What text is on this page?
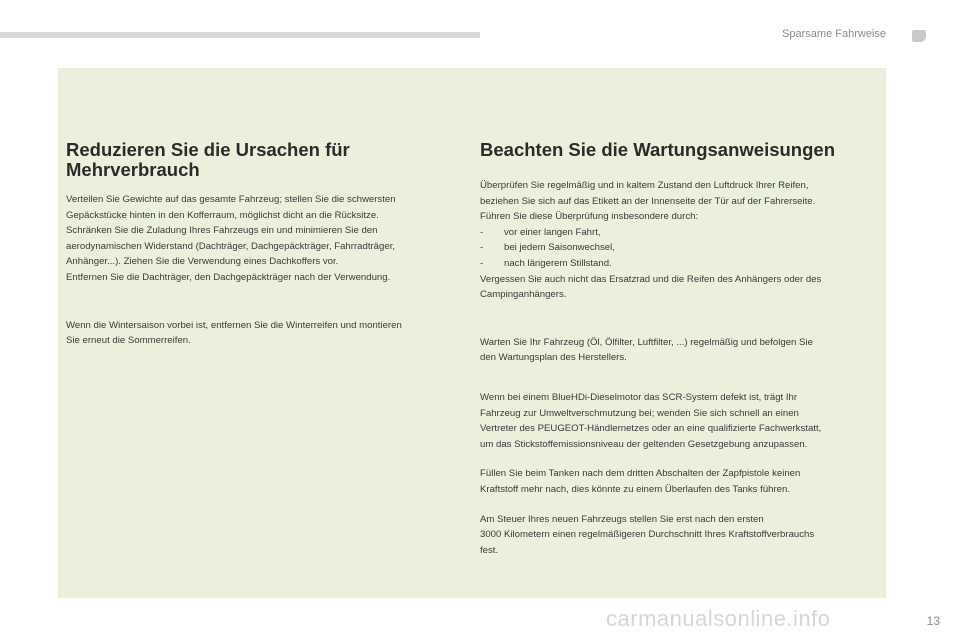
Sparsame Fahrweise
Reduzieren Sie die Ursachen für
Mehrverbrauch

Verteilen Sie Gewichte auf das gesamte Fahrzeug; stellen Sie die schwersten
Gepäckstücke hinten in den Kofferraum, möglichst dicht an die Rücksitze.
Schränken Sie die Zuladung Ihres Fahrzeugs ein und minimieren Sie den
aerodynamischen Widerstand (Dachträger, Dachgepäckträger, Fahrradträger,
Anhänger...). Ziehen Sie die Verwendung eines Dachkoffers vor.
Entfernen Sie die Dachträger, den Dachgepäckträger nach der Verwendung.

Wenn die Wintersaison vorbei ist, entfernen Sie die Winterreifen und montieren
Sie erneut die Sommerreifen.

Beachten Sie die Wartungsanweisungen

Überprüfen Sie regelmäßig und in kaltem Zustand den Luftdruck Ihrer Reifen,
beziehen Sie sich auf das Etikett an der Innenseite der Tür auf der Fahrerseite.
Führen Sie diese Überprüfung insbesondere durch:

-	vor einer langen Fahrt,
-	bei jedem Saisonwechsel,
-	nach längerem Stillstand.

Vergessen Sie auch nicht das Ersatzrad und die Reifen des Anhängers oder des
Campinganhängers.

Warten Sie Ihr Fahrzeug (Öl, Ölfilter, Luftfilter, ...) regelmäßig und befolgen Sie
den Wartungsplan des Herstellers.

Wenn bei einem BlueHDi-Dieselmotor das SCR-System defekt ist, trägt Ihr
Fahrzeug zur Umweltverschmutzung bei; wenden Sie sich schnell an einen
Vertreter des PEUGEOT-Händlernetzes oder an eine qualifizierte Fachwerkstatt,
um das Stickstoffemissionsniveau der geltenden Gesetzgebung anzupassen.

Füllen Sie beim Tanken nach dem dritten Abschalten der Zapfpistole keinen
Kraftstoff mehr nach, dies könnte zu einem Überlaufen des Tanks führen.

Am Steuer Ihres neuen Fahrzeugs stellen Sie erst nach den ersten
3000 Kilometern einen regelmäßigeren Durchschnitt Ihres Kraftstoffverbrauchs
fest.

carmanualsonline.info	13
